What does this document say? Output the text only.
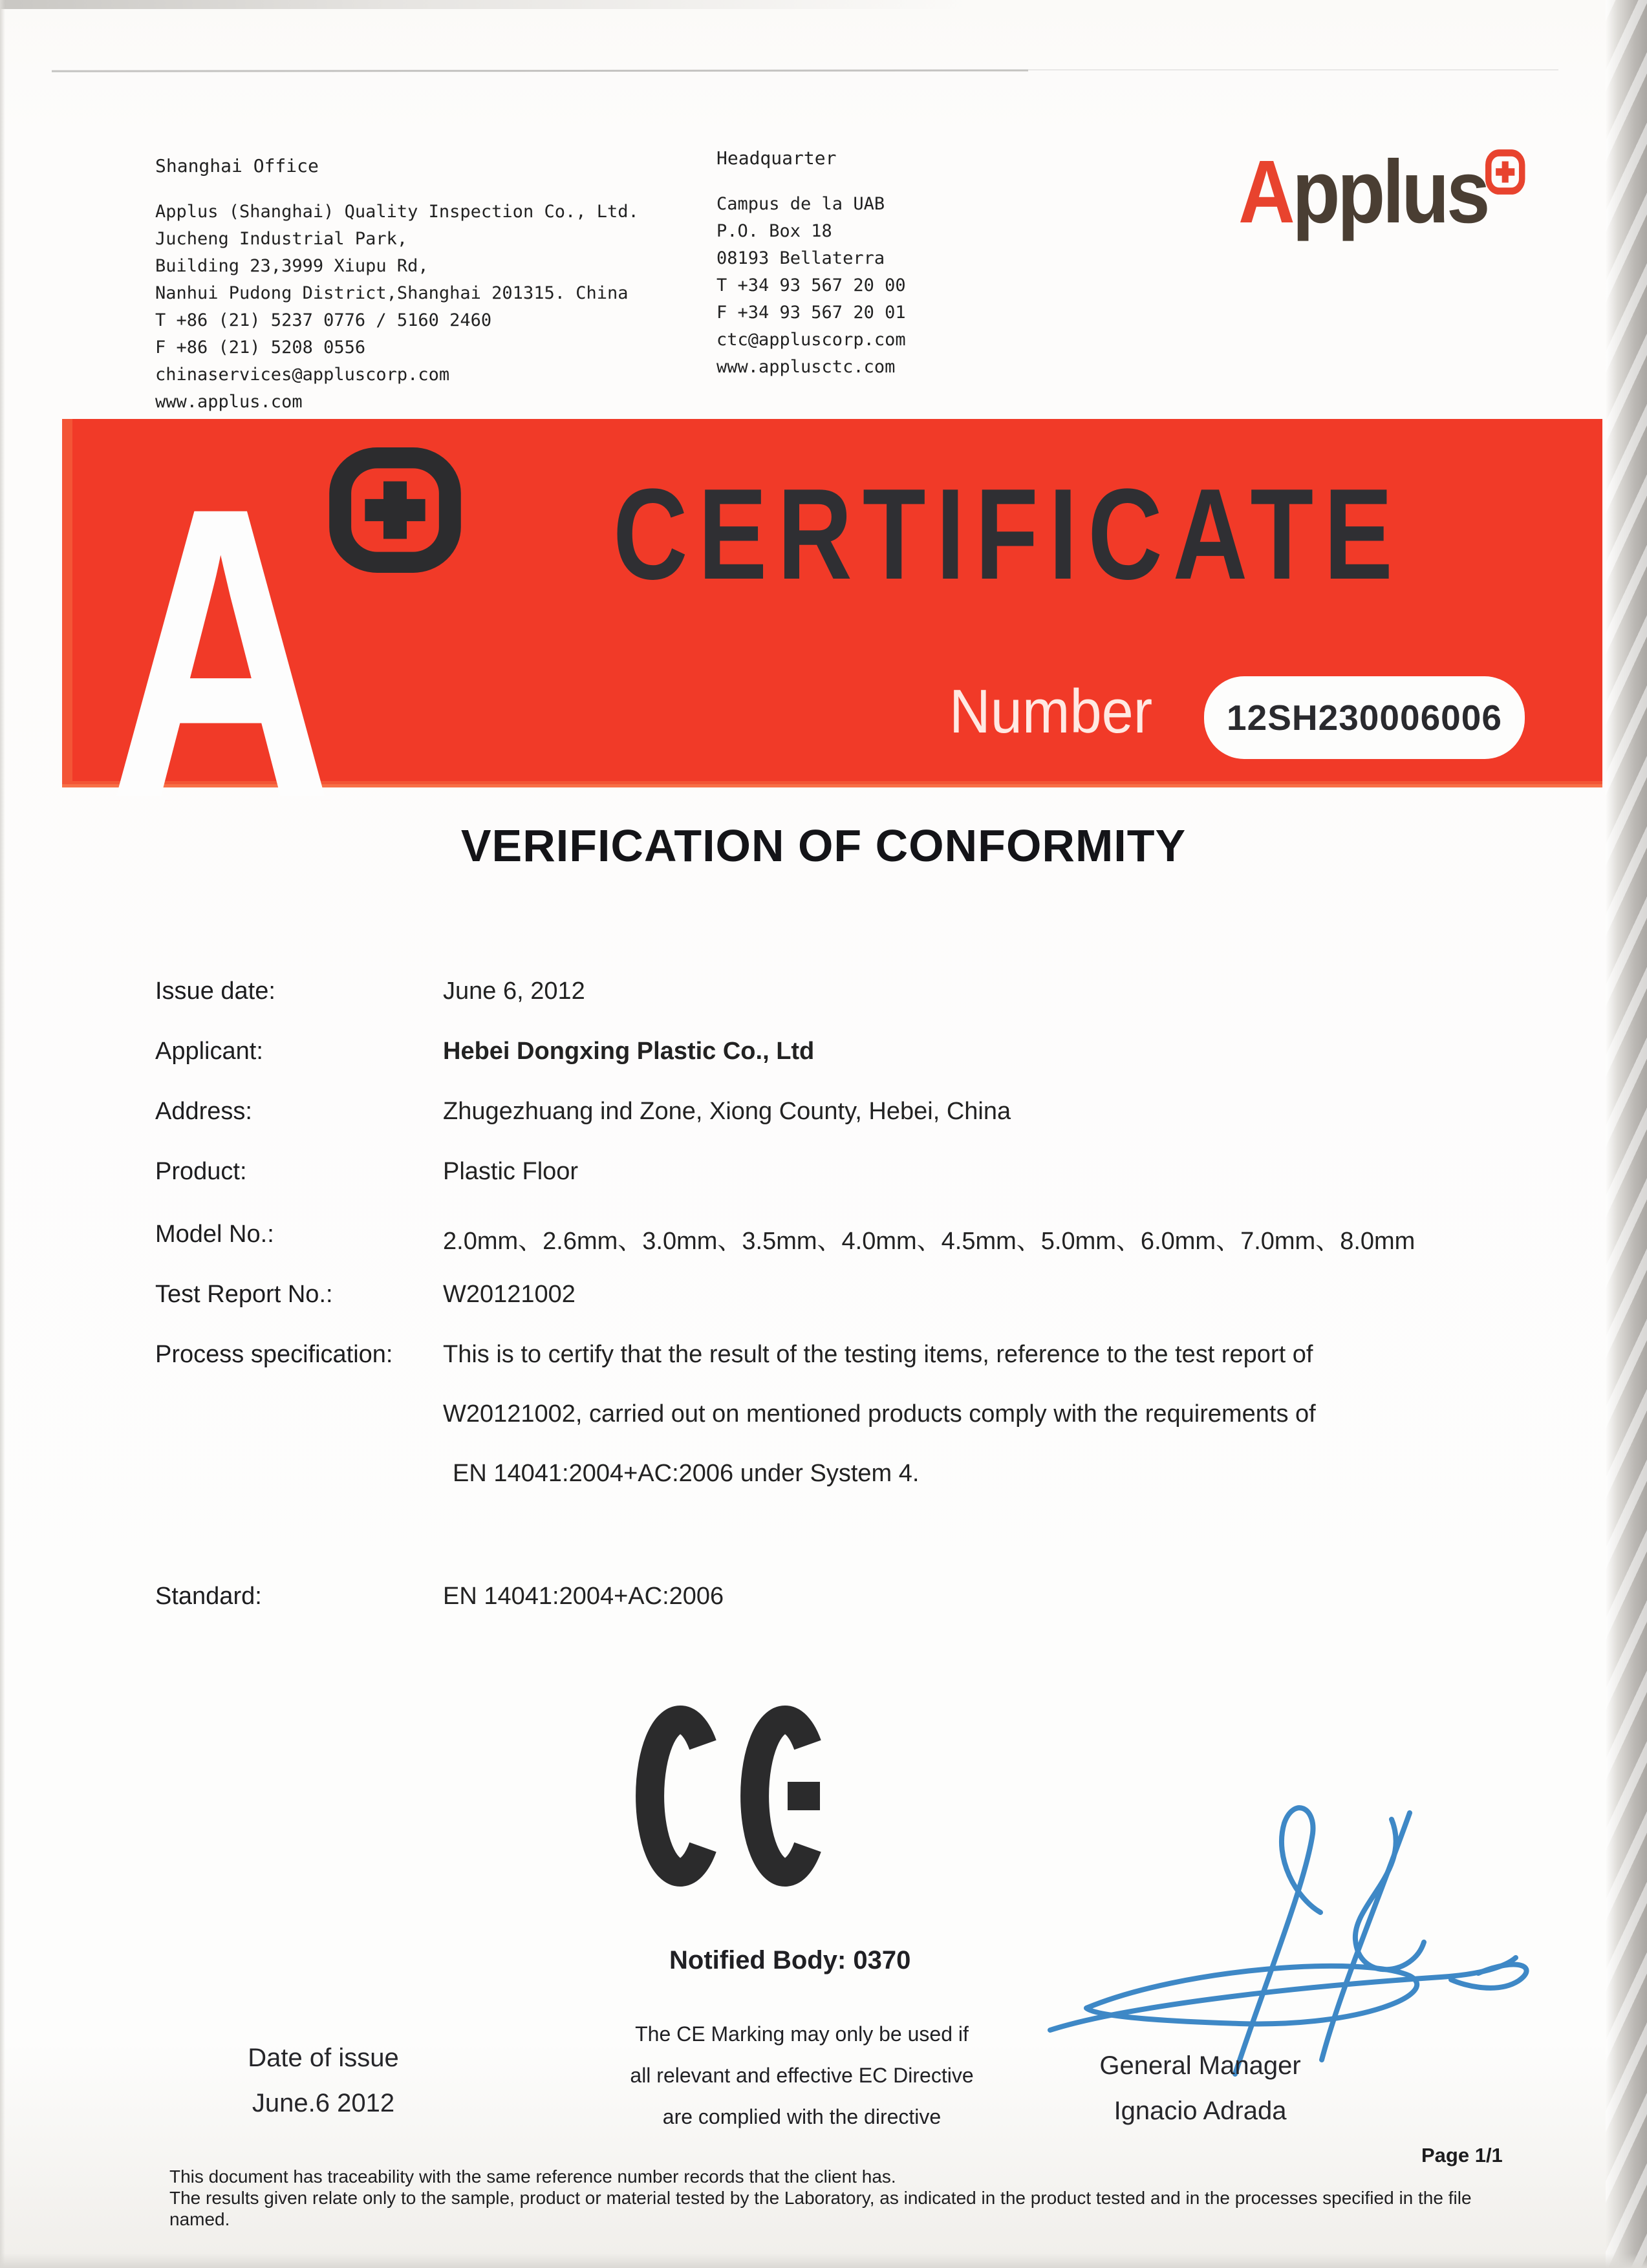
Shanghai Office
Applus (Shanghai) Quality Inspection Co., Ltd.
Jucheng Industrial Park,
Building 23,3999 Xiupu Rd,
Nanhui Pudong District,Shanghai 201315. China
T +86 (21) 5237 0776 / 5160 2460
F +86 (21) 5208 0556
chinaservices@appluscorp.com
www.applus.com
Headquarter
Campus de la UAB
P.O. Box 18
08193 Bellaterra
T +34 93 567 20 00
F +34 93 567 20 01
ctc@appluscorp.com
www.applusctc.com
Applus
A CERTIFICATE
Number 12SH230006006
VERIFICATION OF CONFORMITY
Issue date:	June 6, 2012
Applicant:	Hebei Dongxing Plastic Co., Ltd
Address:	Zhugezhuang ind Zone, Xiong County, Hebei, China
Product:	Plastic Floor
Model No.:	2.0mm、2.6mm、3.0mm、3.5mm、4.0mm、4.5mm、5.0mm、6.0mm、7.0mm、8.0mm
Test Report No.:	W20121002
Process specification: This is to certify that the result of the testing items, reference to the test report of
W20121002, carried out on mentioned products comply with the requirements of
EN 14041:2004+AC:2006 under System 4.
Standard:	EN 14041:2004+AC:2006
Notified Body: 0370
Date of issue
June.6 2012
The CE Marking may only be used if
all relevant and effective EC Directive
are complied with the directive
General Manager
Ignacio Adrada
Page 1/1
This document has traceability with the same reference number records that the client has.
The results given relate only to the sample, product or material tested by the Laboratory, as indicated in the product tested and in the processes specified in the file
named.
